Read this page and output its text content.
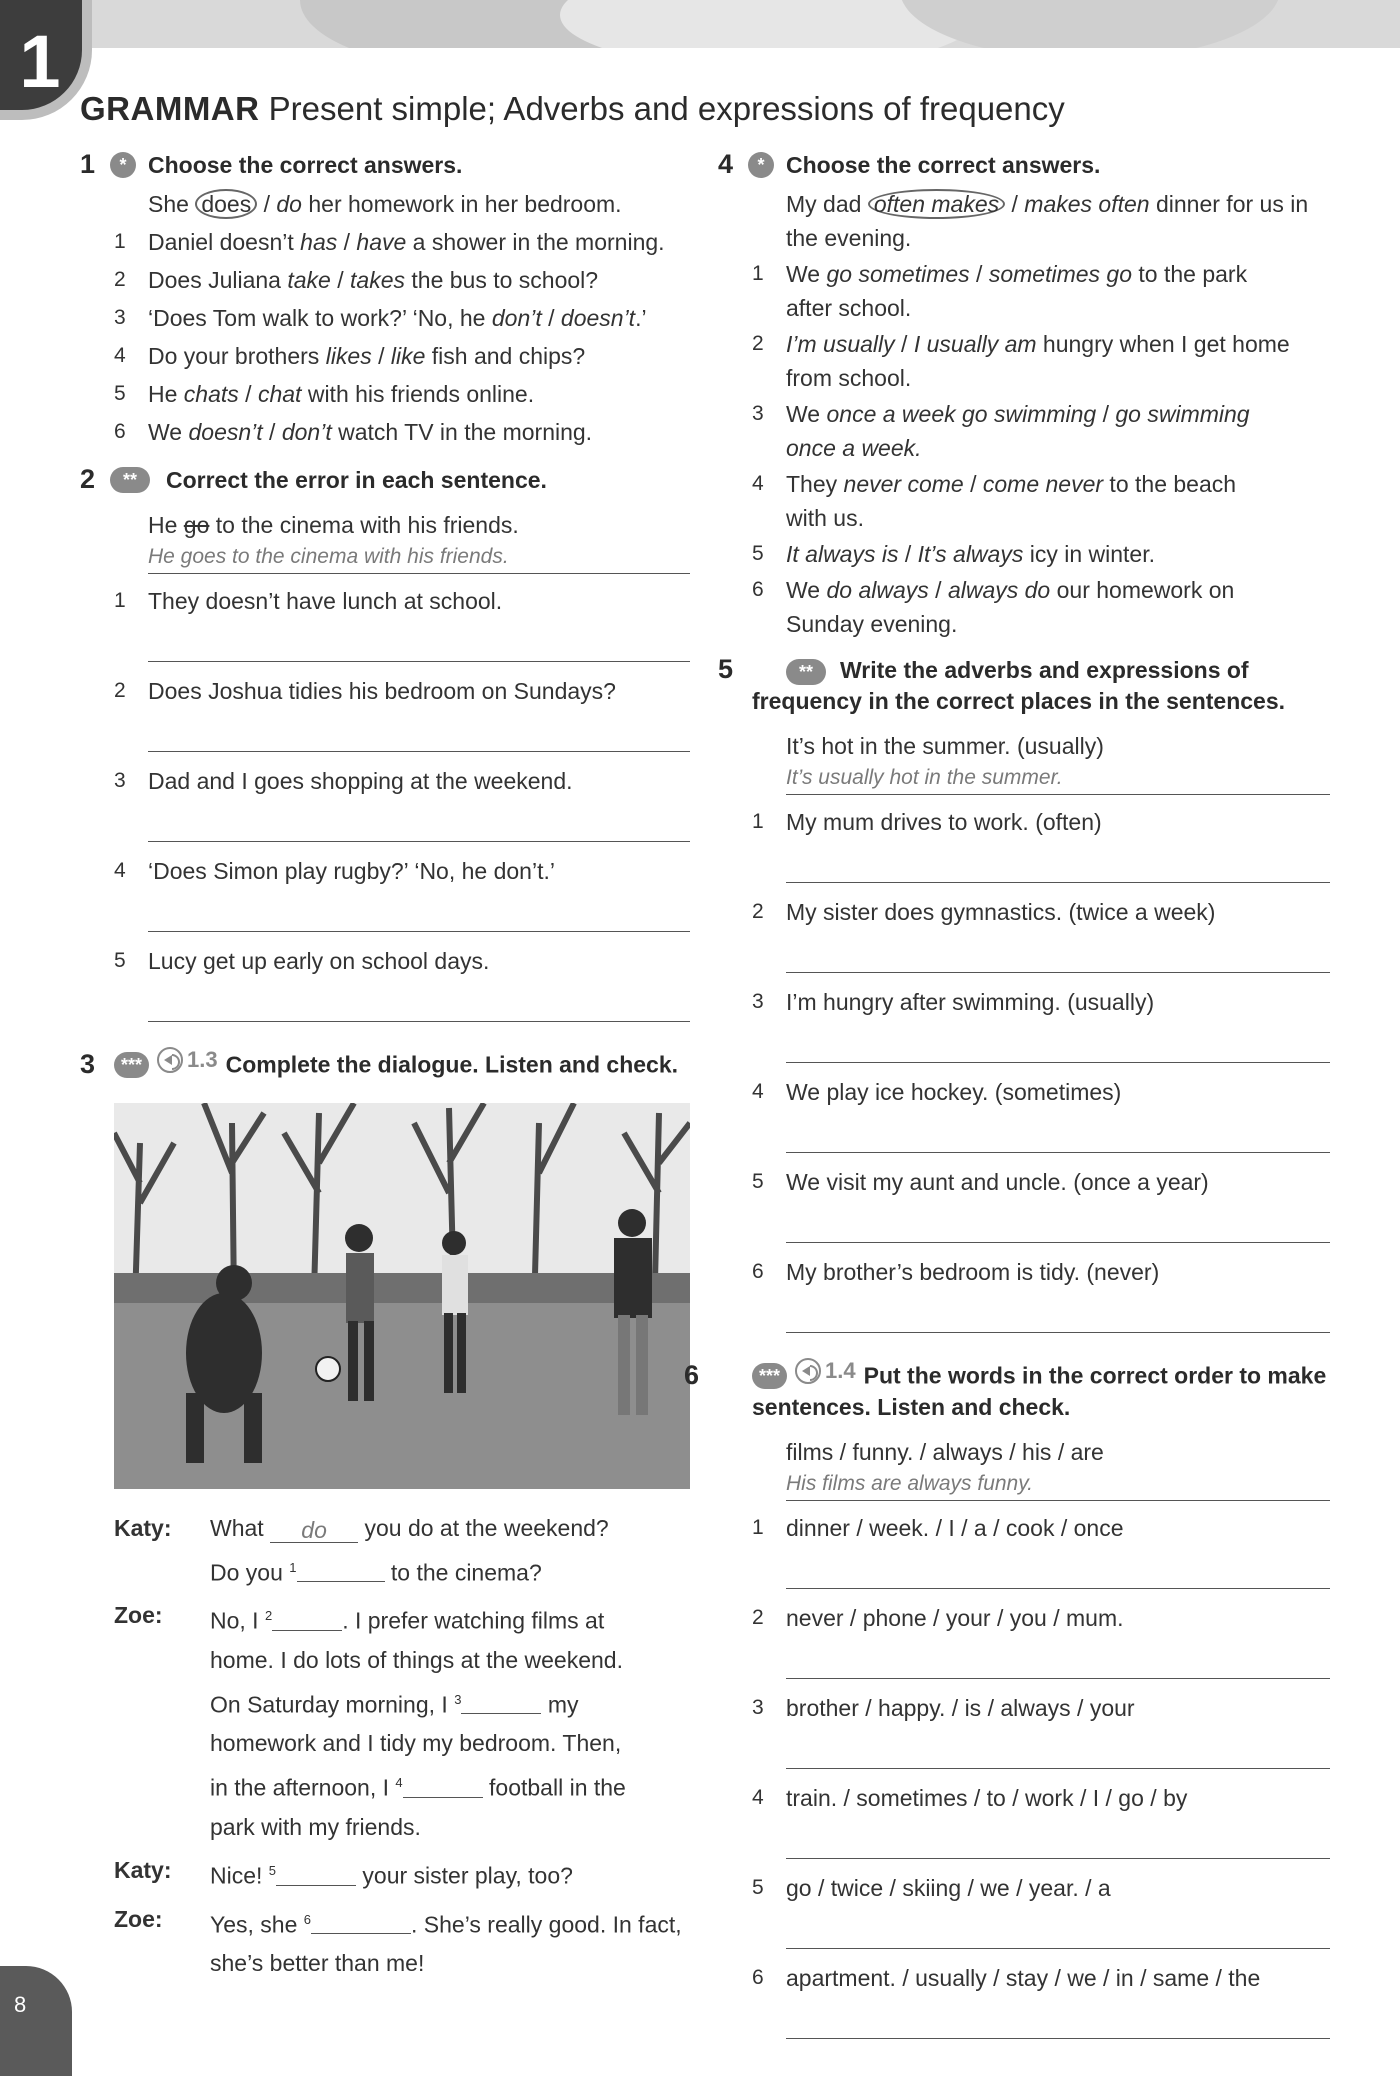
1
GRAMMAR Present simple; Adverbs and expressions of frequency
1	* Choose the correct answers.
She does / do her homework in her bedroom.
1 Daniel doesn’t has / have a shower in the morning.
2 Does Juliana take / takes the bus to school?
3 ‘Does Tom walk to work?’ ‘No, he don’t / doesn’t.’
4 Do your brothers likes / like fish and chips?
5 He chats / chat with his friends online.
6 We doesn’t / don’t watch TV in the morning.
2	**	Correct the error in each sentence.
He go to the cinema with his friends.
He goes to the cinema with his friends.
1 They doesn’t have lunch at school.
2 Does Joshua tidies his bedroom on Sundays?
3 Dad and I goes shopping at the weekend.
4 ‘Does Simon play rugby?’ ‘No, he don’t.’
5 Lucy get up early on school days.
3 *** 1.3 Complete the dialogue. Listen and check.
Katy: What do you do at the weekend?
Do you $^1$	to the cinema?
Zoe: No, I $^2$	. I prefer watching films at
home. I do lots of things at the weekend.
On Saturday morning, I $^3$	my
homework and I tidy my bedroom. Then,
in the afternoon, I $^4$	football in the
park with my friends.
Katy: Nice! $^5$	your sister play, too?
Zoe: Yes, she $^6$	. She’s really good. In fact,
she’s better than me!
4	* Choose the correct answers.
My dad often makes / makes often dinner for us in
the evening.
1 We go sometimes / sometimes go to the park
after school.
2 I’m usually / I usually am hungry when I get home
from school.
3 We once a week go swimming / go swimming
once a week.
4 They never come / come never to the beach
with us.
5 It always is / It’s always icy in winter.
6 We do always / always do our homework on
Sunday evening.
5	** Write the adverbs and expressions of frequency in the correct places in the sentences.
It’s hot in the summer. (usually)
It’s usually hot in the summer.
1 My mum drives to work. (often)
2 My sister does gymnastics. (twice a week)
3 I’m hungry after swimming. (usually)
4 We play ice hockey. (sometimes)
5 We visit my aunt and uncle. (once a year)
6 My brother’s bedroom is tidy. (never)
6	*** 1.4 Put the words in the correct order to make sentences. Listen and check.
films / funny. / always / his / are
His films are always funny.
1 dinner / week. / I / a / cook / once
2 never / phone / your / you / mum.
3 brother / happy. / is / always / your
4 train. / sometimes / to / work / I / go / by
5 go / twice / skiing / we / year. / a
6 apartment. / usually / stay / we / in / same / the
8
